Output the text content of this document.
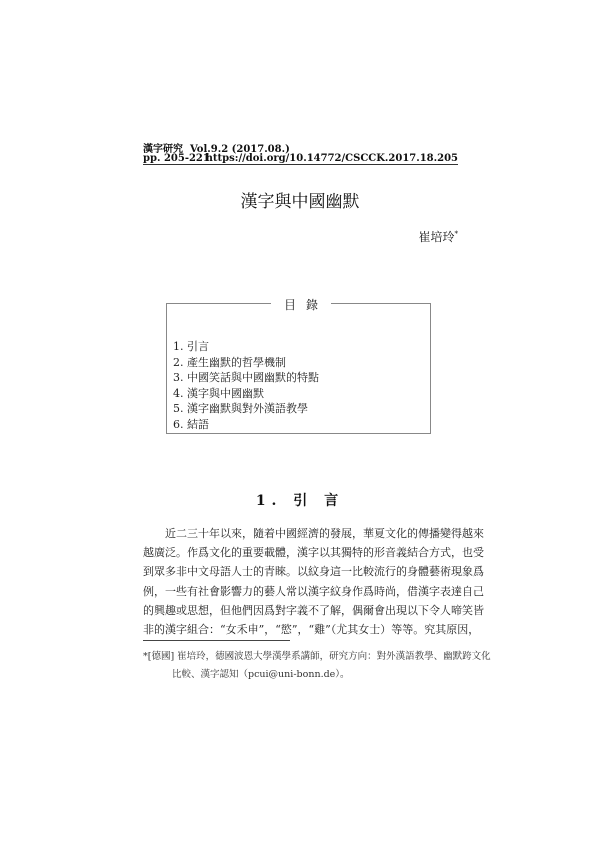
漢字研究 Vol.9.2 (2017.08.)
pp. 205-221
https://doi.org/10.14772/CSCCK.2017.18.205
漢字與中國幽默
崔培玲*
目錄
1. 引言
2. 產生幽默的哲學機制
3. 中國笑話與中國幽默的特點
4. 漢字與中國幽默
5. 漢字幽默與對外漢語教學
6. 結語
1. 引 言
　　近二三十年以來，隨着中國經濟的發展，華夏文化的傳播變得越來
越廣泛。作爲文化的重要載體，漢字以其獨特的形音義結合方式，也受
到眾多非中文母語人士的青睞。以紋身這一比較流行的身體藝術現象爲
例，一些有社會影響力的藝人常以漢字紋身作爲時尚，借漢字表達自己
的興趣或思想，但他們因爲對字義不了解，偶爾會出現以下令人啼笑皆
非的漢字組合：“女禾申”，“慾”，“雞”（尤其女士）等等。究其原因，
*[德國] 崔培玲，德國波恩大學漢學系講師，研究方向：對外漢語教學、幽默跨文化
比較、漢字認知（pcui@uni-bonn.de）。
